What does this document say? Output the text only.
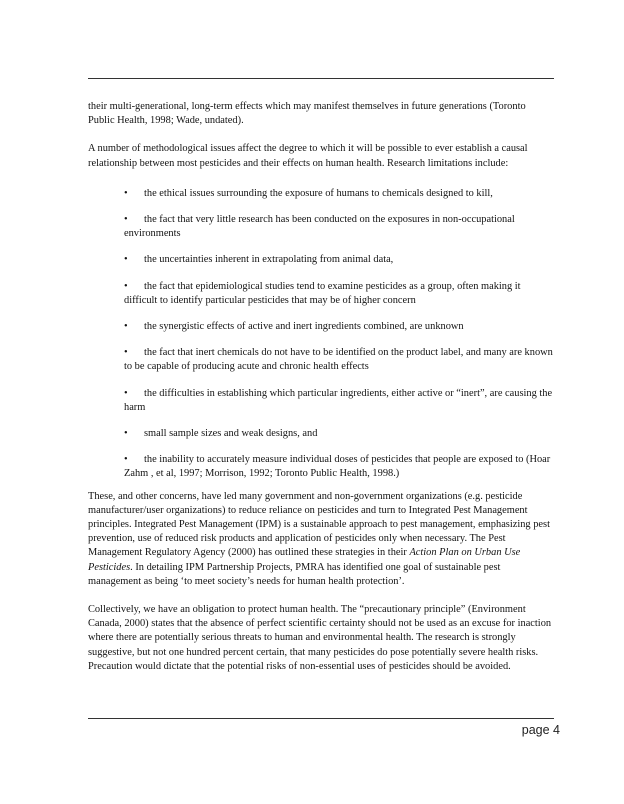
their multi-generational, long-term effects which may manifest themselves in future generations (Toronto Public Health, 1998; Wade, undated).

A number of methodological issues affect the degree to which it will be possible to ever establish a causal relationship between most pesticides and their effects on human health. Research limitations include:

•	the ethical issues surrounding the exposure of humans to chemicals designed to kill,
•	the fact that very little research has been conducted on the exposures in non-occupational environments
•	the uncertainties inherent in extrapolating from animal data,
•	the fact that epidemiological studies tend to examine pesticides as a group, often making it difficult to identify particular pesticides that may be of higher concern
•	the synergistic effects of active and inert ingredients combined, are unknown
•	the fact that inert chemicals do not have to be identified on the product label, and many are known to be capable of producing acute and chronic health effects
•	the difficulties in establishing which particular ingredients, either active or “inert”, are causing the harm
•	small sample sizes and weak designs, and
•	the inability to accurately measure individual doses of pesticides that people are exposed to (Hoar Zahm , et al, 1997; Morrison, 1992; Toronto Public Health, 1998.)

These, and other concerns, have led many government and non-government organizations (e.g. pesticide manufacturer/user organizations) to reduce reliance on pesticides and turn to Integrated Pest Management principles. Integrated Pest Management (IPM) is a sustainable approach to pest management, emphasizing pest prevention, use of reduced risk products and application of pesticides only when necessary. The Pest Management Regulatory Agency (2000) has outlined these strategies in their Action Plan on Urban Use Pesticides. In detailing IPM Partnership Projects, PMRA has identified one goal of sustainable pest management as being ‘to meet society’s needs for human health protection’.

Collectively, we have an obligation to protect human health. The “precautionary principle” (Environment Canada, 2000) states that the absence of perfect scientific certainty should not be used as an excuse for inaction where there are potentially serious threats to human and environmental health. The research is strongly suggestive, but not one hundred percent certain, that many pesticides do pose potentially severe health risks. Precaution would dictate that the potential risks of non-essential uses of pesticides should be avoided.

page 4
